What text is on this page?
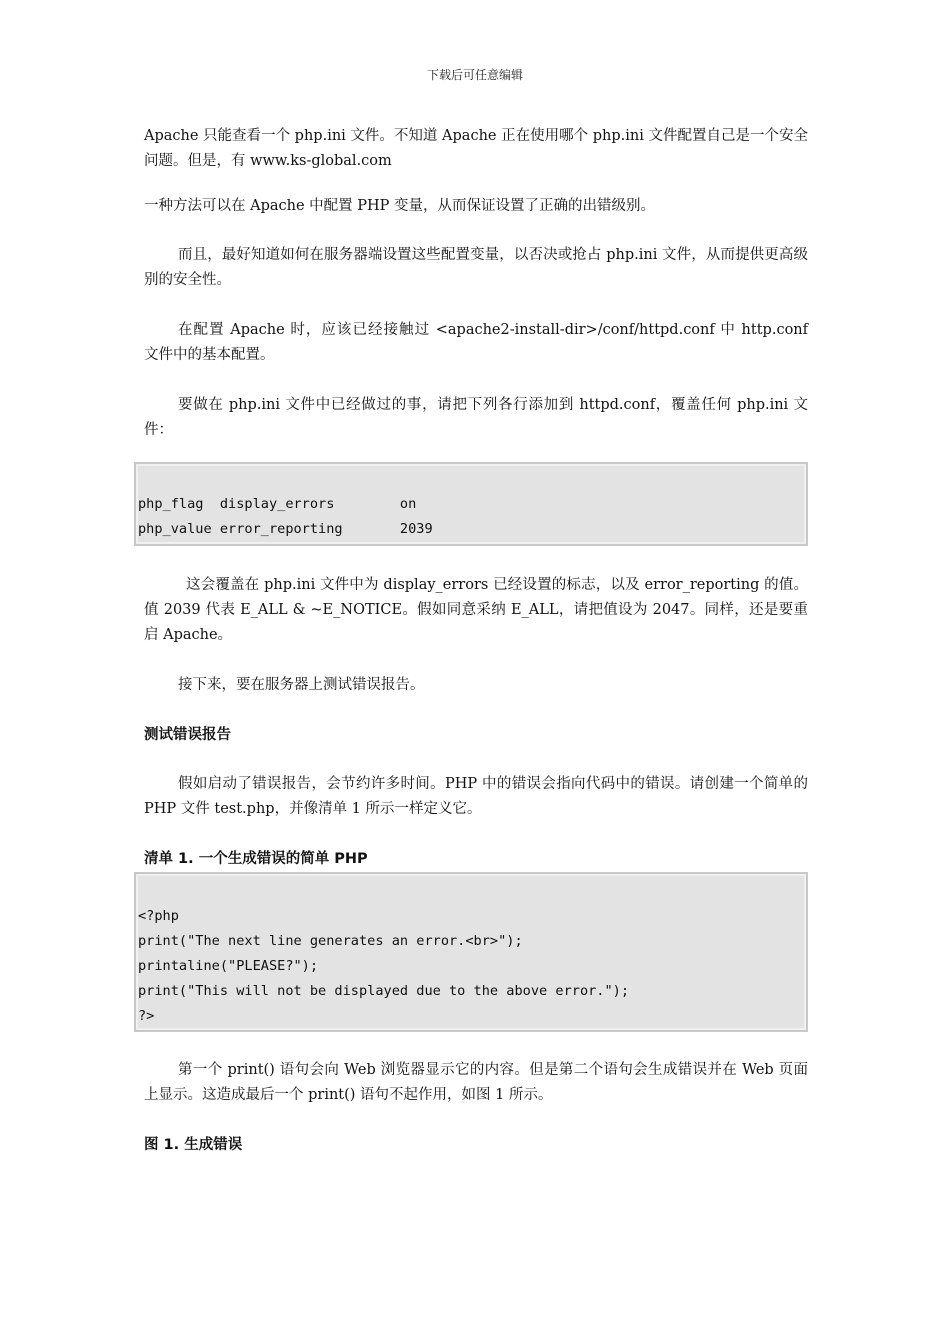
下载后可任意编辑

Apache 只能查看一个 php.ini 文件。不知道 Apache 正在使用哪个 php.ini 文件配置自己是一个安全问题。但是，有 www.ks-global.com

一种方法可以在 Apache 中配置 PHP 变量，从而保证设置了正确的出错级别。

而且，最好知道如何在服务器端设置这些配置变量，以否决或抢占 php.ini 文件，从而提供更高级别的安全性。

在配置 Apache 时，应该已经接触过 <apache2-install-dir>/conf/httpd.conf 中 http.conf 文件中的基本配置。

要做在 php.ini 文件中已经做过的事，请把下列各行添加到 httpd.conf，覆盖任何 php.ini 文件：

php_flag  display_errors        on
php_value error_reporting       2039

这会覆盖在 php.ini 文件中为 display_errors 已经设置的标志，以及 error_reporting 的值。值 2039 代表 E_ALL & ~E_NOTICE。假如同意采纳 E_ALL，请把值设为 2047。同样，还是要重启 Apache。

接下来，要在服务器上测试错误报告。

测试错误报告

假如启动了错误报告，会节约许多时间。PHP 中的错误会指向代码中的错误。请创建一个简单的 PHP 文件 test.php，并像清单 1 所示一样定义它。

清单 1. 一个生成错误的简单 PHP

<?php
print("The next line generates an error.<br>");
printaline("PLEASE?");
print("This will not be displayed due to the above error.");
?>

第一个 print() 语句会向 Web 浏览器显示它的内容。但是第二个语句会生成错误并在 Web 页面上显示。这造成最后一个 print() 语句不起作用，如图 1 所示。

图 1. 生成错误
